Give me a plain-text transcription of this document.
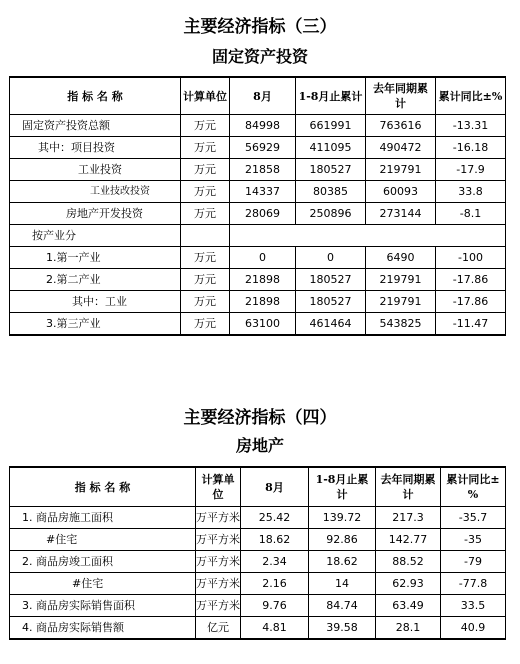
主要经济指标（三）
固定资产投资
指 标 名 称	计算单位	8月	1-8月止累计	去年同期累计	累计同比±%
固定资产投资总额	万元	84998	661991	763616	-13.31
其中：项目投资	万元	56929	411095	490472	-16.18
工业投资	万元	21858	180527	219791	-17.9
工业技改投资	万元	14337	80385	60093	33.8
房地产开发投资	万元	28069	250896	273144	-8.1
按产业分					
1.第一产业	万元	0	0	6490	-100
2.第二产业	万元	21898	180527	219791	-17.86
其中：工业	万元	21898	180527	219791	-17.86
3.第三产业	万元	63100	461464	543825	-11.47
主要经济指标（四）
房地产
指 标 名 称	计算单位	8月	1-8月止累计	去年同期累计	累计同比±%
1. 商品房施工面积	万平方米	25.42	139.72	217.3	-35.7
#住宅	万平方米	18.62	92.86	142.77	-35
2. 商品房竣工面积	万平方米	2.34	18.62	88.52	-79
#住宅	万平方米	2.16	14	62.93	-77.8
3. 商品房实际销售面积	万平方米	9.76	84.74	63.49	33.5
4. 商品房实际销售额	亿元	4.81	39.58	28.1	40.9
